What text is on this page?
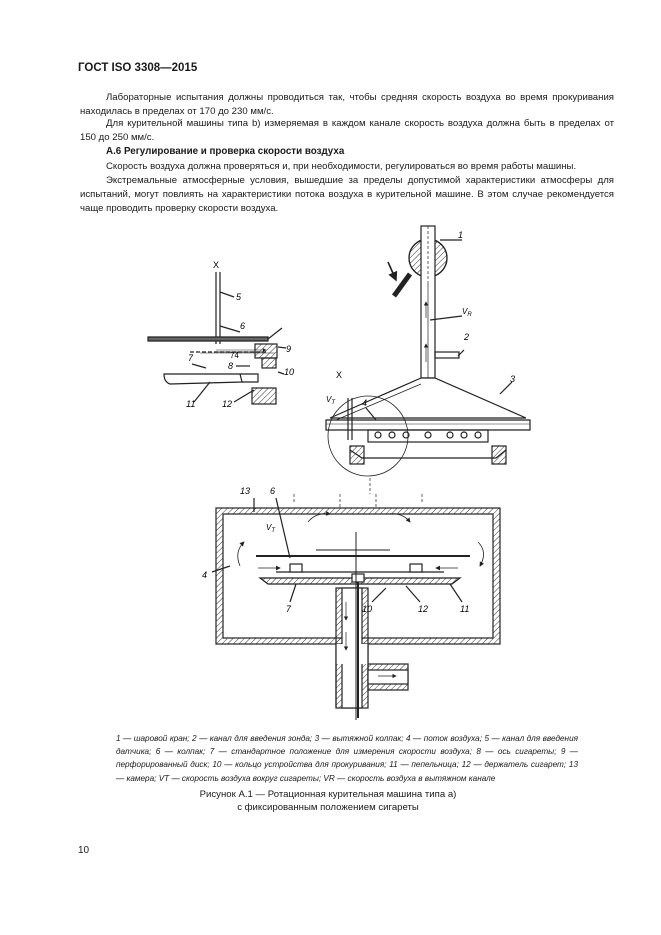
ГОСТ ISO 3308—2015
Лабораторные испытания должны проводиться так, чтобы средняя скорость воздуха во время прокуривания находилась в пределах от 170 до 230 мм/с.
Для курительной машины типа b) измеряемая в каждом канале скорость воздуха должна быть в пределах от 150 до 250 мм/с.
А.6 Регулирование и проверка скорости воздуха
Скорость воздуха должна проверяться и, при необходимости, регулироваться во время работы машины.
Экстремальные атмосферные условия, вышедшие за пределы допустимой характеристики атмосферы для испытаний, могут повлиять на характеристики потока воздуха в курительной машине. В этом случае рекомендуется чаще проводить проверку скорости воздуха.
X
5
6
74
7
8
9
10
11	12
1
2
3
4
X
$V_R$
$V_T$
13 6
4
7	10	12	11
$V_T$
1 — шаровой кран; 2 — канал для введения зонда; 3 — вытяжной колпак; 4 — поток воздуха; 5 — канал для введения датчика; 6 — колпак; 7 — стандартное положение для измерения скорости воздуха; 8 — ось сигареты; 9 — перфорированный диск; 10 — кольцо устройства для прокуривания; 11 — пепельница; 12 — держатель сигарет; 13 — камера; VT — скорость воздуха вокруг сигареты; VR — скорость воздуха в вытяжном канале
Рисунок А.1 — Ротационная курительная машина типа а)
с фиксированным положением сигареты
10
